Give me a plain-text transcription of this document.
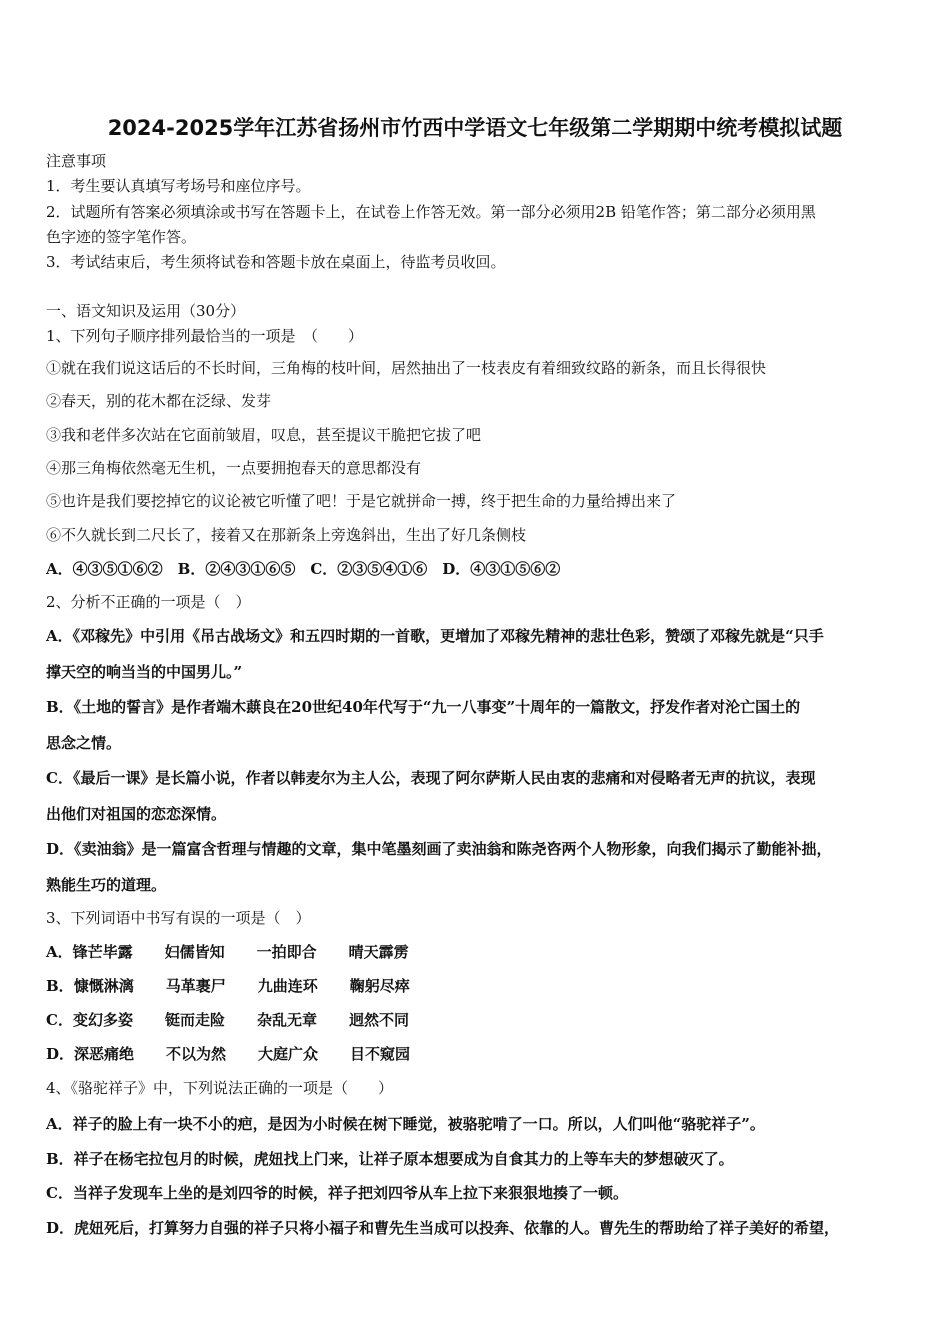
2024-2025学年江苏省扬州市竹西中学语文七年级第二学期期中统考模拟试题
注意事项
1．考生要认真填写考场号和座位序号。
2．试题所有答案必须填涂或书写在答题卡上，在试卷上作答无效。第一部分必须用2B 铅笔作答；第二部分必须用黑
色字迹的签字笔作答。
3．考试结束后，考生须将试卷和答题卡放在桌面上，待监考员收回。
一、语文知识及运用（30分）
1、下列句子顺序排列最恰当的一项是　（　　）
①就在我们说这话后的不长时间，三角梅的枝叶间，居然抽出了一枝表皮有着细致纹路的新条，而且长得很快
②春天，别的花木都在泛绿、发芽
③我和老伴多次站在它面前皱眉，叹息，甚至提议干脆把它拔了吧
④那三角梅依然毫无生机，一点要拥抱春天的意思都没有
⑤也许是我们要挖掉它的议论被它听懂了吧！于是它就拼命一搏，终于把生命的力量给搏出来了
⑥不久就长到二尺长了，接着又在那新条上旁逸斜出，生出了好几条侧枝
A．④③⑤①⑥②　B．②④③①⑥⑤　C．②③⑤④①⑥　D．④③①⑤⑥②
2、分析不正确的一项是（　）
A．《邓稼先》中引用《吊古战场文》和五四时期的一首歌，更增加了邓稼先精神的悲壮色彩，赞颂了邓稼先就是“只手
撑天空的响当当的中国男儿。”
B．《土地的誓言》是作者端木蕻良在20世纪40年代写于“九一八事变”十周年的一篇散文，抒发作者对沦亡国土的
思念之情。
C．《最后一课》是长篇小说，作者以韩麦尔为主人公，表现了阿尔萨斯人民由衷的悲痛和对侵略者无声的抗议，表现
出他们对祖国的恋恋深情。
D．《卖油翁》是一篇富含哲理与情趣的文章，集中笔墨刻画了卖油翁和陈尧咨两个人物形象，向我们揭示了勤能补拙，
熟能生巧的道理。
3、下列词语中书写有误的一项是（　）
A．锋芒毕露 妇儒皆知 一拍即合 晴天霹雳
B．慷慨淋漓 马革裹尸 九曲连环 鞠躬尽瘁
C．变幻多姿 铤而走险 杂乱无章 迥然不同
D．深恶痛绝 不以为然 大庭广众 目不窥园
4、《骆驼祥子》中，下列说法正确的一项是（　　）
A．祥子的脸上有一块不小的疤，是因为小时候在树下睡觉，被骆驼啃了一口。所以，人们叫他“骆驼祥子”。
B．祥子在杨宅拉包月的时候，虎妞找上门来，让祥子原本想要成为自食其力的上等车夫的梦想破灭了。
C．当祥子发现车上坐的是刘四爷的时候，祥子把刘四爷从车上拉下来狠狠地揍了一顿。
D．虎妞死后，打算努力自强的祥子只将小福子和曹先生当成可以投奔、依靠的人。曹先生的帮助给了祥子美好的希望，
